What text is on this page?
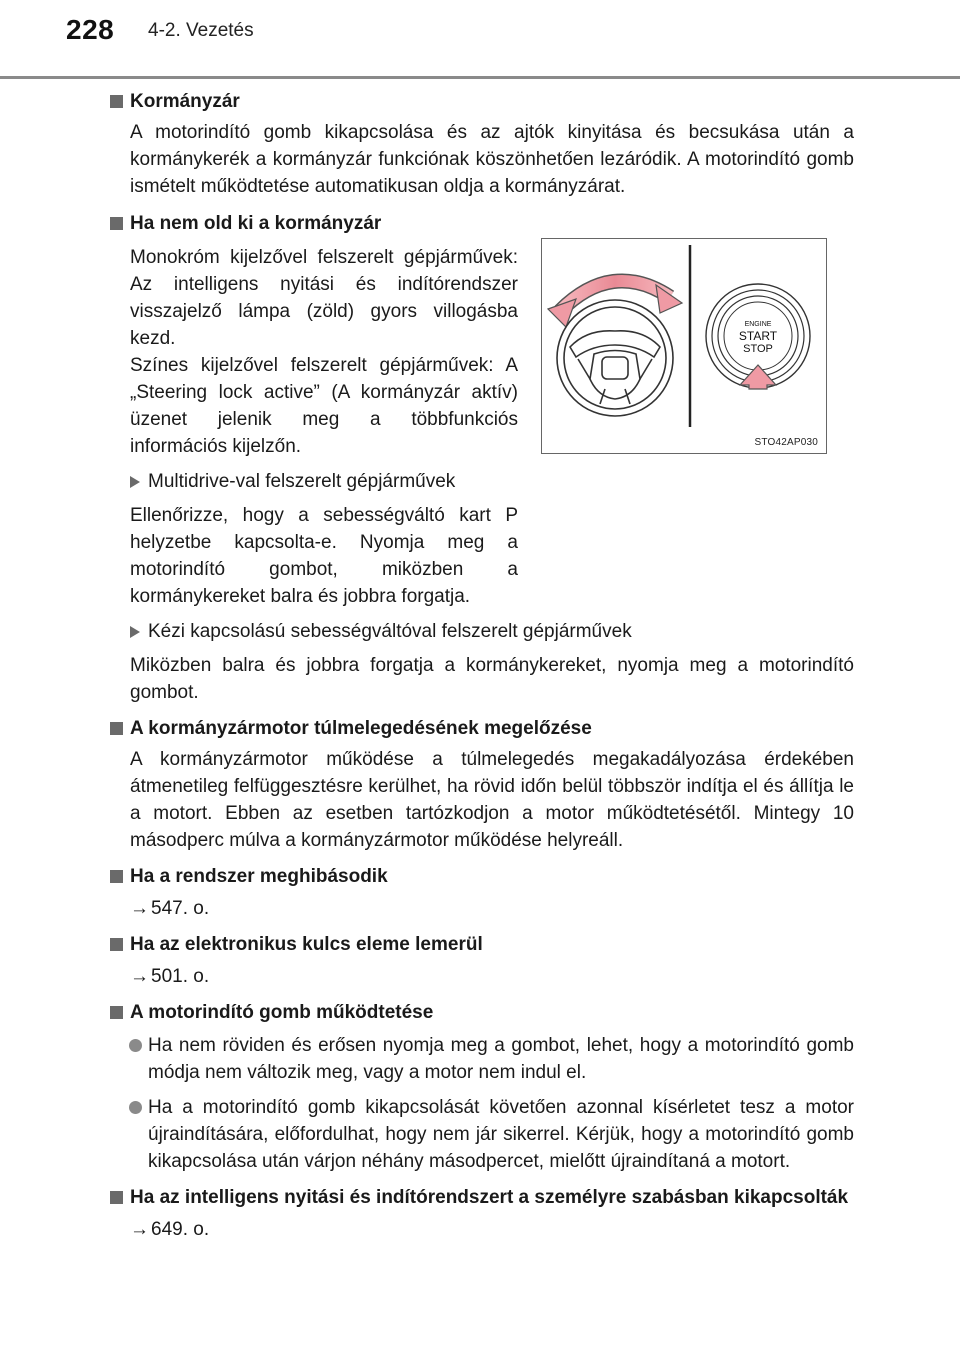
228 4-2. Vezetés
ENGINE
START
STOP
STO42AP030
Kormányzár
A motorindító gomb kikapcsolása és az ajtók kinyitása és becsukása után a kormánykerék a kormányzár funkciónak köszönhetően lezáródik. A motorindító gomb ismételt működtetése automatikusan oldja a kormányzárat.
Ha nem old ki a kormányzár
Monokróm kijelzővel felszerelt gépjárművek: Az intelligens nyitási és indítórendszer visszajelző lámpa (zöld) gyors villogásba kezd.
Színes kijelzővel felszerelt gépjárművek: A „Steering lock active” (A kormányzár aktív) üzenet jelenik meg a többfunkciós információs kijelzőn.
Multidrive-val felszerelt gépjárművek
Ellenőrizze, hogy a sebességváltó kart P helyzetbe kapcsolta-e. Nyomja meg a motorindító gombot, miközben a kormánykereket balra és jobbra forgatja.
Kézi kapcsolású sebességváltóval felszerelt gépjárművek
Miközben balra és jobbra forgatja a kormánykereket, nyomja meg a motorindító gombot.
A kormányzármotor túlmelegedésének megelőzése
A kormányzármotor működése a túlmelegedés megakadályozása érdekében átmenetileg felfüggesztésre kerülhet, ha rövid időn belül többször indítja el és állítja le a motort. Ebben az esetben tartózkodjon a motor működtetésétől. Mintegy 10 másodperc múlva a kormányzármotor működése helyreáll.
Ha a rendszer meghibásodik
→ 547. o.
Ha az elektronikus kulcs eleme lemerül
→ 501. o.
A motorindító gomb működtetése
Ha nem röviden és erősen nyomja meg a gombot, lehet, hogy a motorindító gomb módja nem változik meg, vagy a motor nem indul el.
Ha a motorindító gomb kikapcsolását követően azonnal kísérletet tesz a motor újraindítására, előfordulhat, hogy nem jár sikerrel. Kérjük, hogy a motorindító gomb kikapcsolása után várjon néhány másodpercet, mielőtt újraindítaná a motort.
Ha az intelligens nyitási és indítórendszert a személyre szabásban kikapcsolták
→ 649. o.
